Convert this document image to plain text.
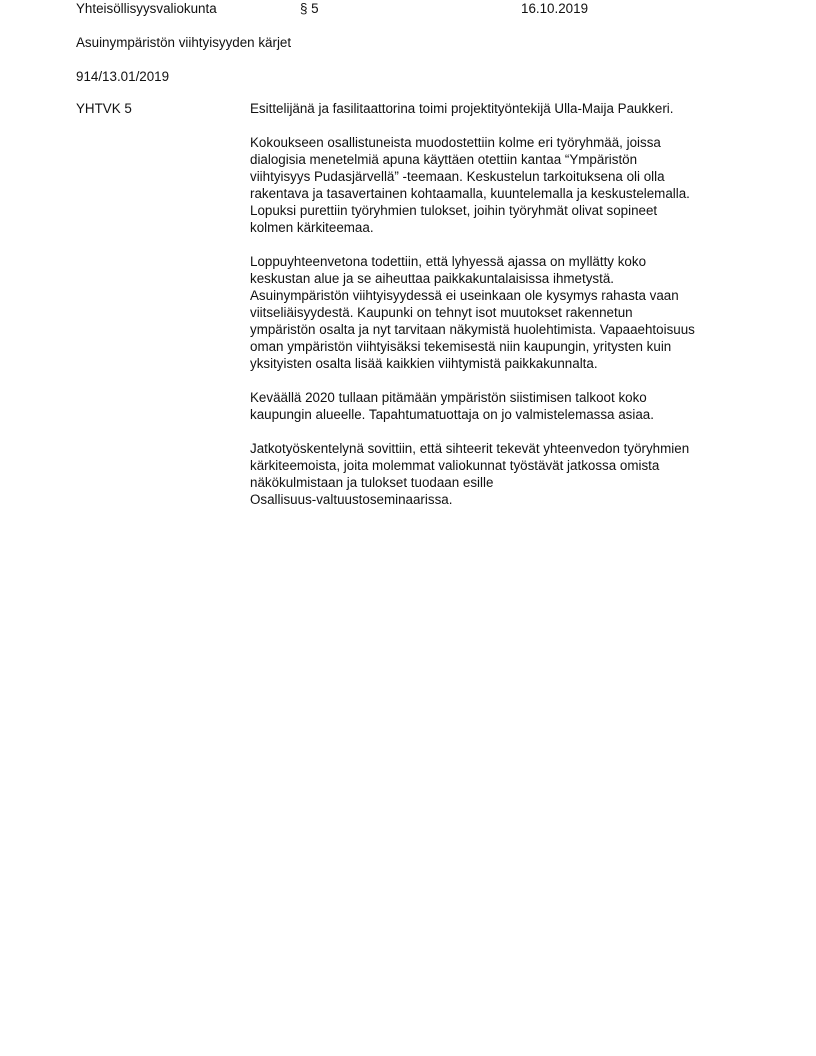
Yhteisöllisyysvaliokunta	§ 5	16.10.2019
Asuinympäristön viihtyisyyden kärjet
914/13.01/2019
YHTVK 5	Esittelijänä ja fasilitaattorina toimi projektityöntekijä Ulla-Maija Paukkeri.
Kokoukseen osallistuneista muodostettiin kolme eri työryhmää, joissa
dialogisia menetelmiä apuna käyttäen otettiin kantaa “Ympäristön
viihtyisyys Pudasjärvellä” -teemaan. Keskustelun tarkoituksena oli olla
rakentava ja tasavertainen kohtaamalla, kuuntelemalla ja keskustelemalla.
Lopuksi purettiin työryhmien tulokset, joihin työryhmät olivat sopineet
kolmen kärkiteemaa.
Loppuyhteenvetona todettiin, että lyhyessä ajassa on myllätty koko
keskustan alue ja se aiheuttaa paikkakuntalaisissa ihmetystä.
Asuinympäristön viihtyisyydessä ei useinkaan ole kysymys rahasta vaan
viitseliäisyydestä. Kaupunki on tehnyt isot muutokset rakennetun
ympäristön osalta ja nyt tarvitaan näkymistä huolehtimista. Vapaaehtoisuus
oman ympäristön viihtyisäksi tekemisestä niin kaupungin, yritysten kuin
yksityisten osalta lisää kaikkien viihtymistä paikkakunnalta.
Keväällä 2020 tullaan pitämään ympäristön siistimisen talkoot koko
kaupungin alueelle. Tapahtumatuottaja on jo valmistelemassa asiaa.
Jatkotyöskentelynä sovittiin, että sihteerit tekevät yhteenvedon työryhmien
kärkiteemoista, joita molemmat valiokunnat työstävät jatkossa omista
näkökulmistaan ja tulokset tuodaan esille
Osallisuus-valtuustoseminaarissa.
